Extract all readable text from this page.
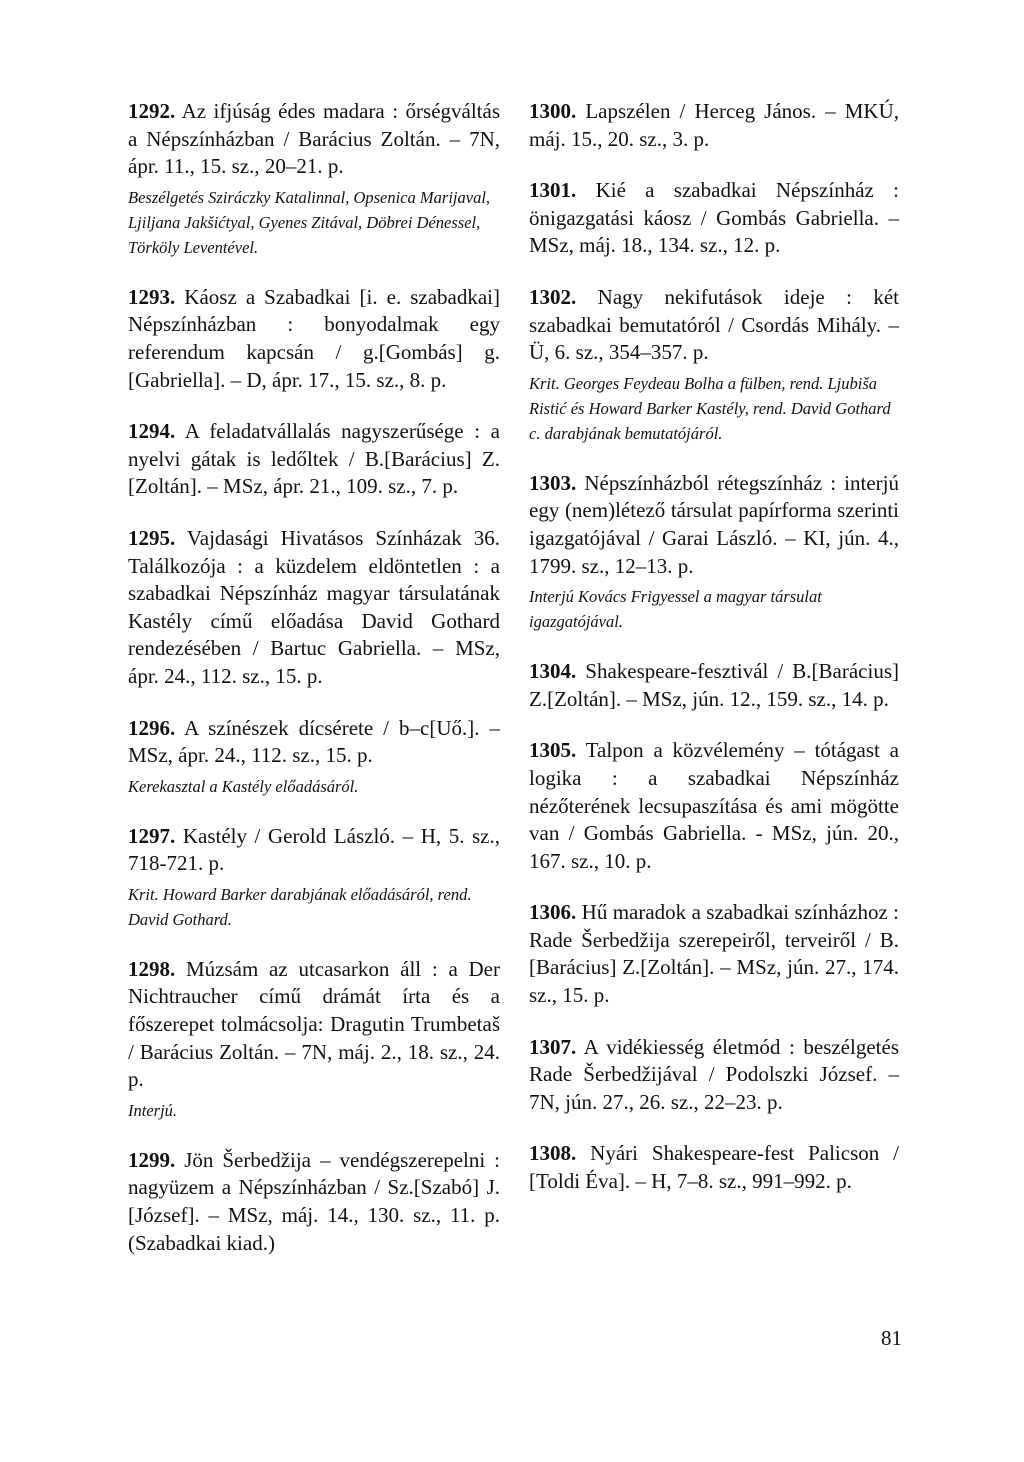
1292. Az ifjúság édes madara : őrségváltás a Népszínházban / Barácius Zoltán. – 7N, ápr. 11., 15. sz., 20–21. p.

Beszélgetés Sziráczky Katalinnal, Opsenica Marijaval, Ljiljana Jakšićtyal, Gyenes Zitával, Döbrei Dénessel, Törköly Leventével.

1293. Káosz a Szabadkai [i. e. szabadkai] Népszínházban : bonyodalmak egy referendum kapcsán / g.[Gombás] g.[Gabriella]. – D, ápr. 17., 15. sz., 8. p.

1294. A feladatvállalás nagyszerűsége : a nyelvi gátak is ledőltek / B.[Barácius] Z.[Zoltán]. – MSz, ápr. 21., 109. sz., 7. p.

1295. Vajdasági Hivatásos Színházak 36. Találkozója : a küzdelem eldöntetlen : a szabadkai Népszínház magyar társulatának Kastély című előadása David Gothard rendezésében / Bartuc Gabriella. – MSz, ápr. 24., 112. sz., 15. p.

1296. A színészek dícsérete / b–c[Uő.]. – MSz, ápr. 24., 112. sz., 15. p.

Kerekasztal a Kastély előadásáról.

1297. Kastély / Gerold László. – H, 5. sz., 718-721. p.

Krit. Howard Barker darabjának előadásáról, rend. David Gothard.

1298. Múzsám az utcasarkon áll : a Der Nichtraucher című drámát írta és a főszerepet tolmácsolja: Dragutin Trumbetaš / Barácius Zoltán. – 7N, máj. 2., 18. sz., 24. p.

Interjú.

1299. Jön Šerbedžija – vendégszerepelni : nagyüzem a Népszínházban / Sz.[Szabó] J.[József]. – MSz, máj. 14., 130. sz., 11. p. (Szabadkai kiad.)

1300. Lapszélen / Herceg János. – MKÚ, máj. 15., 20. sz., 3. p.

1301. Kié a szabadkai Népszínház : önigazgatási káosz / Gombás Gabriella. – MSz, máj. 18., 134. sz., 12. p.

1302. Nagy nekifutások ideje : két szabadkai bemutatóról / Csordás Mihály. – Ü, 6. sz., 354–357. p.

Krit. Georges Feydeau Bolha a fülben, rend. Ljubiša Ristić és Howard Barker Kastély, rend. David Gothard c. darabjának bemutatójáról.

1303. Népszínházból rétegszínház : interjú egy (nem)létező társulat papírforma szerinti igazgatójával / Garai László. – KI, jún. 4., 1799. sz., 12–13. p.

Interjú Kovács Frigyessel a magyar társulat igazgatójával.

1304. Shakespeare-fesztivál / B.[Barácius] Z.[Zoltán]. – MSz, jún. 12., 159. sz., 14. p.

1305. Talpon a közvélemény – tótágast a logika : a szabadkai Népszínház nézőterének lecsupaszítása és ami mögötte van / Gombás Gabriella. - MSz, jún. 20., 167. sz., 10. p.

1306. Hű maradok a szabadkai színházhoz : Rade Šerbedžija szerepeiről, terveiről / B.[Barácius] Z.[Zoltán]. – MSz, jún. 27., 174. sz., 15. p.

1307. A vidékiesség életmód : beszélgetés Rade Šerbedžijával / Podolszki József. – 7N, jún. 27., 26. sz., 22–23. p.

1308. Nyári Shakespeare-fest Palicson / [Toldi Éva]. – H, 7–8. sz., 991–992. p.

81
